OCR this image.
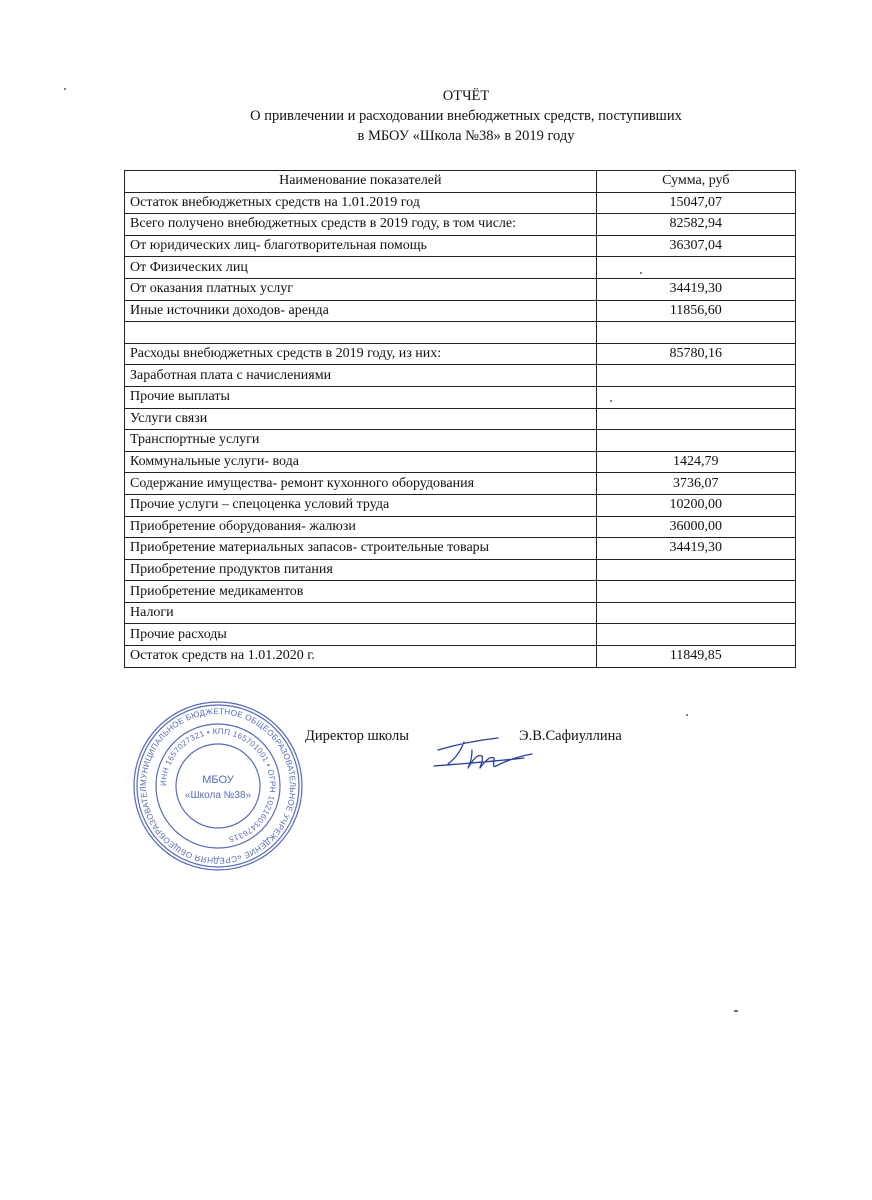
ОТЧЁТ
О привлечении и расходовании внебюджетных средств, поступивших
в МБОУ «Школа №38» в 2019 году
Наименование показателей	Сумма, руб
Остаток внебюджетных средств на 1.01.2019 год	15047,07
Всего получено внебюджетных средств в 2019 году, в том числе:	82582,94
От юридических лиц- благотворительная помощь	36307,04
От Физических лиц	
От оказания платных услуг	34419,30
Иные источники доходов- аренда	11856,60

Расходы внебюджетных средств в 2019 году, из них:	85780,16
Заработная плата с начислениями	
Прочие выплаты	
Услуги связи	
Транспортные услуги	
Коммунальные услуги- вода	1424,79
Содержание имущества- ремонт кухонного оборудования	3736,07
Прочие услуги – спецоценка условий труда	10200,00
Приобретение оборудования- жалюзи	36000,00
Приобретение материальных запасов- строительные товары	34419,30
Приобретение продуктов питания	
Приобретение медикаментов	
Налоги	
Прочие расходы	
Остаток средств на 1.01.2020 г.	11849,85
МУНИЦИПАЛЬНОЕ БЮДЖЕТНОЕ ОБЩЕОБРАЗОВАТЕЛЬНОЕ УЧРЕЖДЕНИЕ «СРЕДНЯЯ ОБЩЕОБРАЗОВАТЕЛ
ИНН 1657027321 • КПП 165701001 • ОГРН 1021603476315
МБОУ
«Школа №38»
Директор школы	Э.В.Сафиуллина
